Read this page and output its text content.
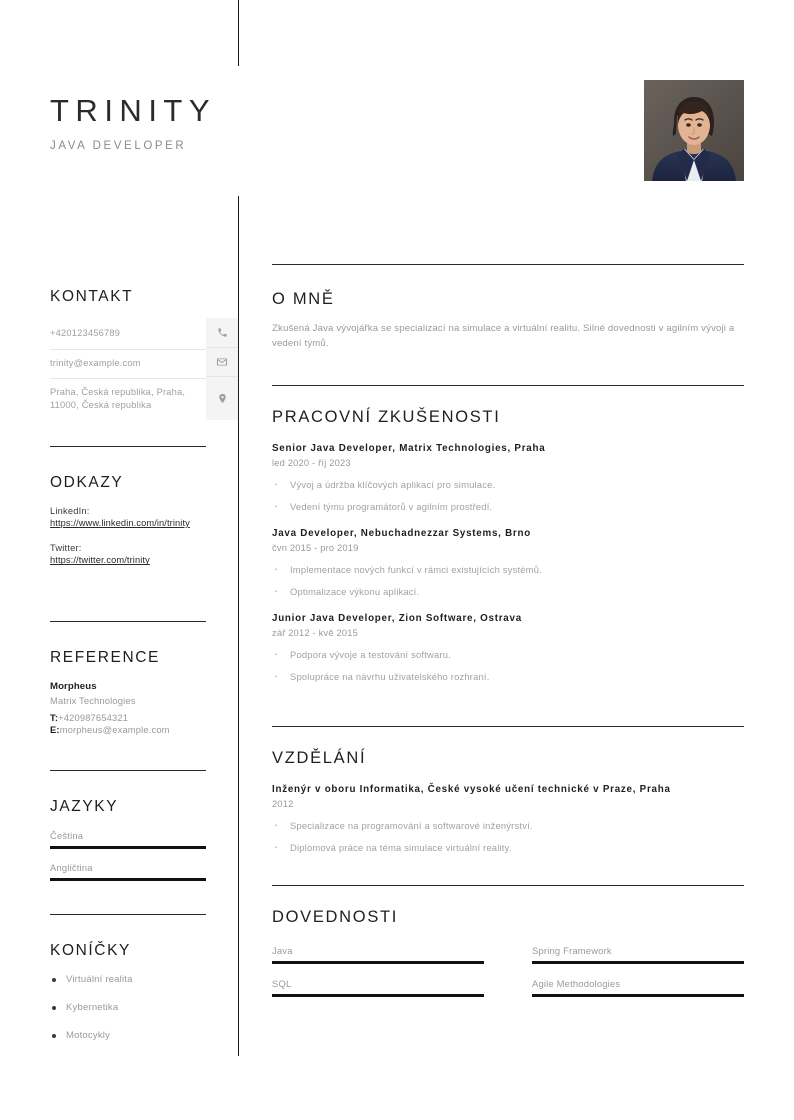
TRINITY
JAVA DEVELOPER
KONTAKT
+420123456789
trinity@example.com
Praha, Česká republika, Praha, 11000, Česká republika
ODKAZY
LinkedIn:
https://www.linkedin.com/in/trinity
Twitter:
https://twitter.com/trinity
REFERENCE
Morpheus
Matrix Technologies
T:+420987654321
E:morpheus@example.com
JAZYKY
Čeština
Angličtina
KONÍČKY
Virtuální realita
Kybernetika
Motocykly
O MNĚ
Zkušená Java vývojářka se specializací na simulace a virtuální realitu. Silné dovednosti v agilním vývoji a vedení týmů.
PRACOVNÍ ZKUŠENOSTI
Senior Java Developer, Matrix Technologies, Praha
led 2020 - říj 2023
· Vývoj a údržba klíčových aplikací pro simulace.
· Vedení týmu programátorů v agilním prostředí.
Java Developer, Nebuchadnezzar Systems, Brno
čvn 2015 - pro 2019
· Implementace nových funkcí v rámci existujících systémů.
· Optimalizace výkonu aplikací.
Junior Java Developer, Zion Software, Ostrava
zář 2012 - kvě 2015
· Podpora vývoje a testování softwaru.
· Spolupráce na návrhu uživatelského rozhraní.
VZDĚLÁNÍ
Inženýr v oboru Informatika, České vysoké učení technické v Praze, Praha
2012
· Specializace na programování a softwarové inženýrství.
· Diplomová práce na téma simulace virtuální reality.
DOVEDNOSTI
Java	Spring Framework
SQL	Agile Methodologies
